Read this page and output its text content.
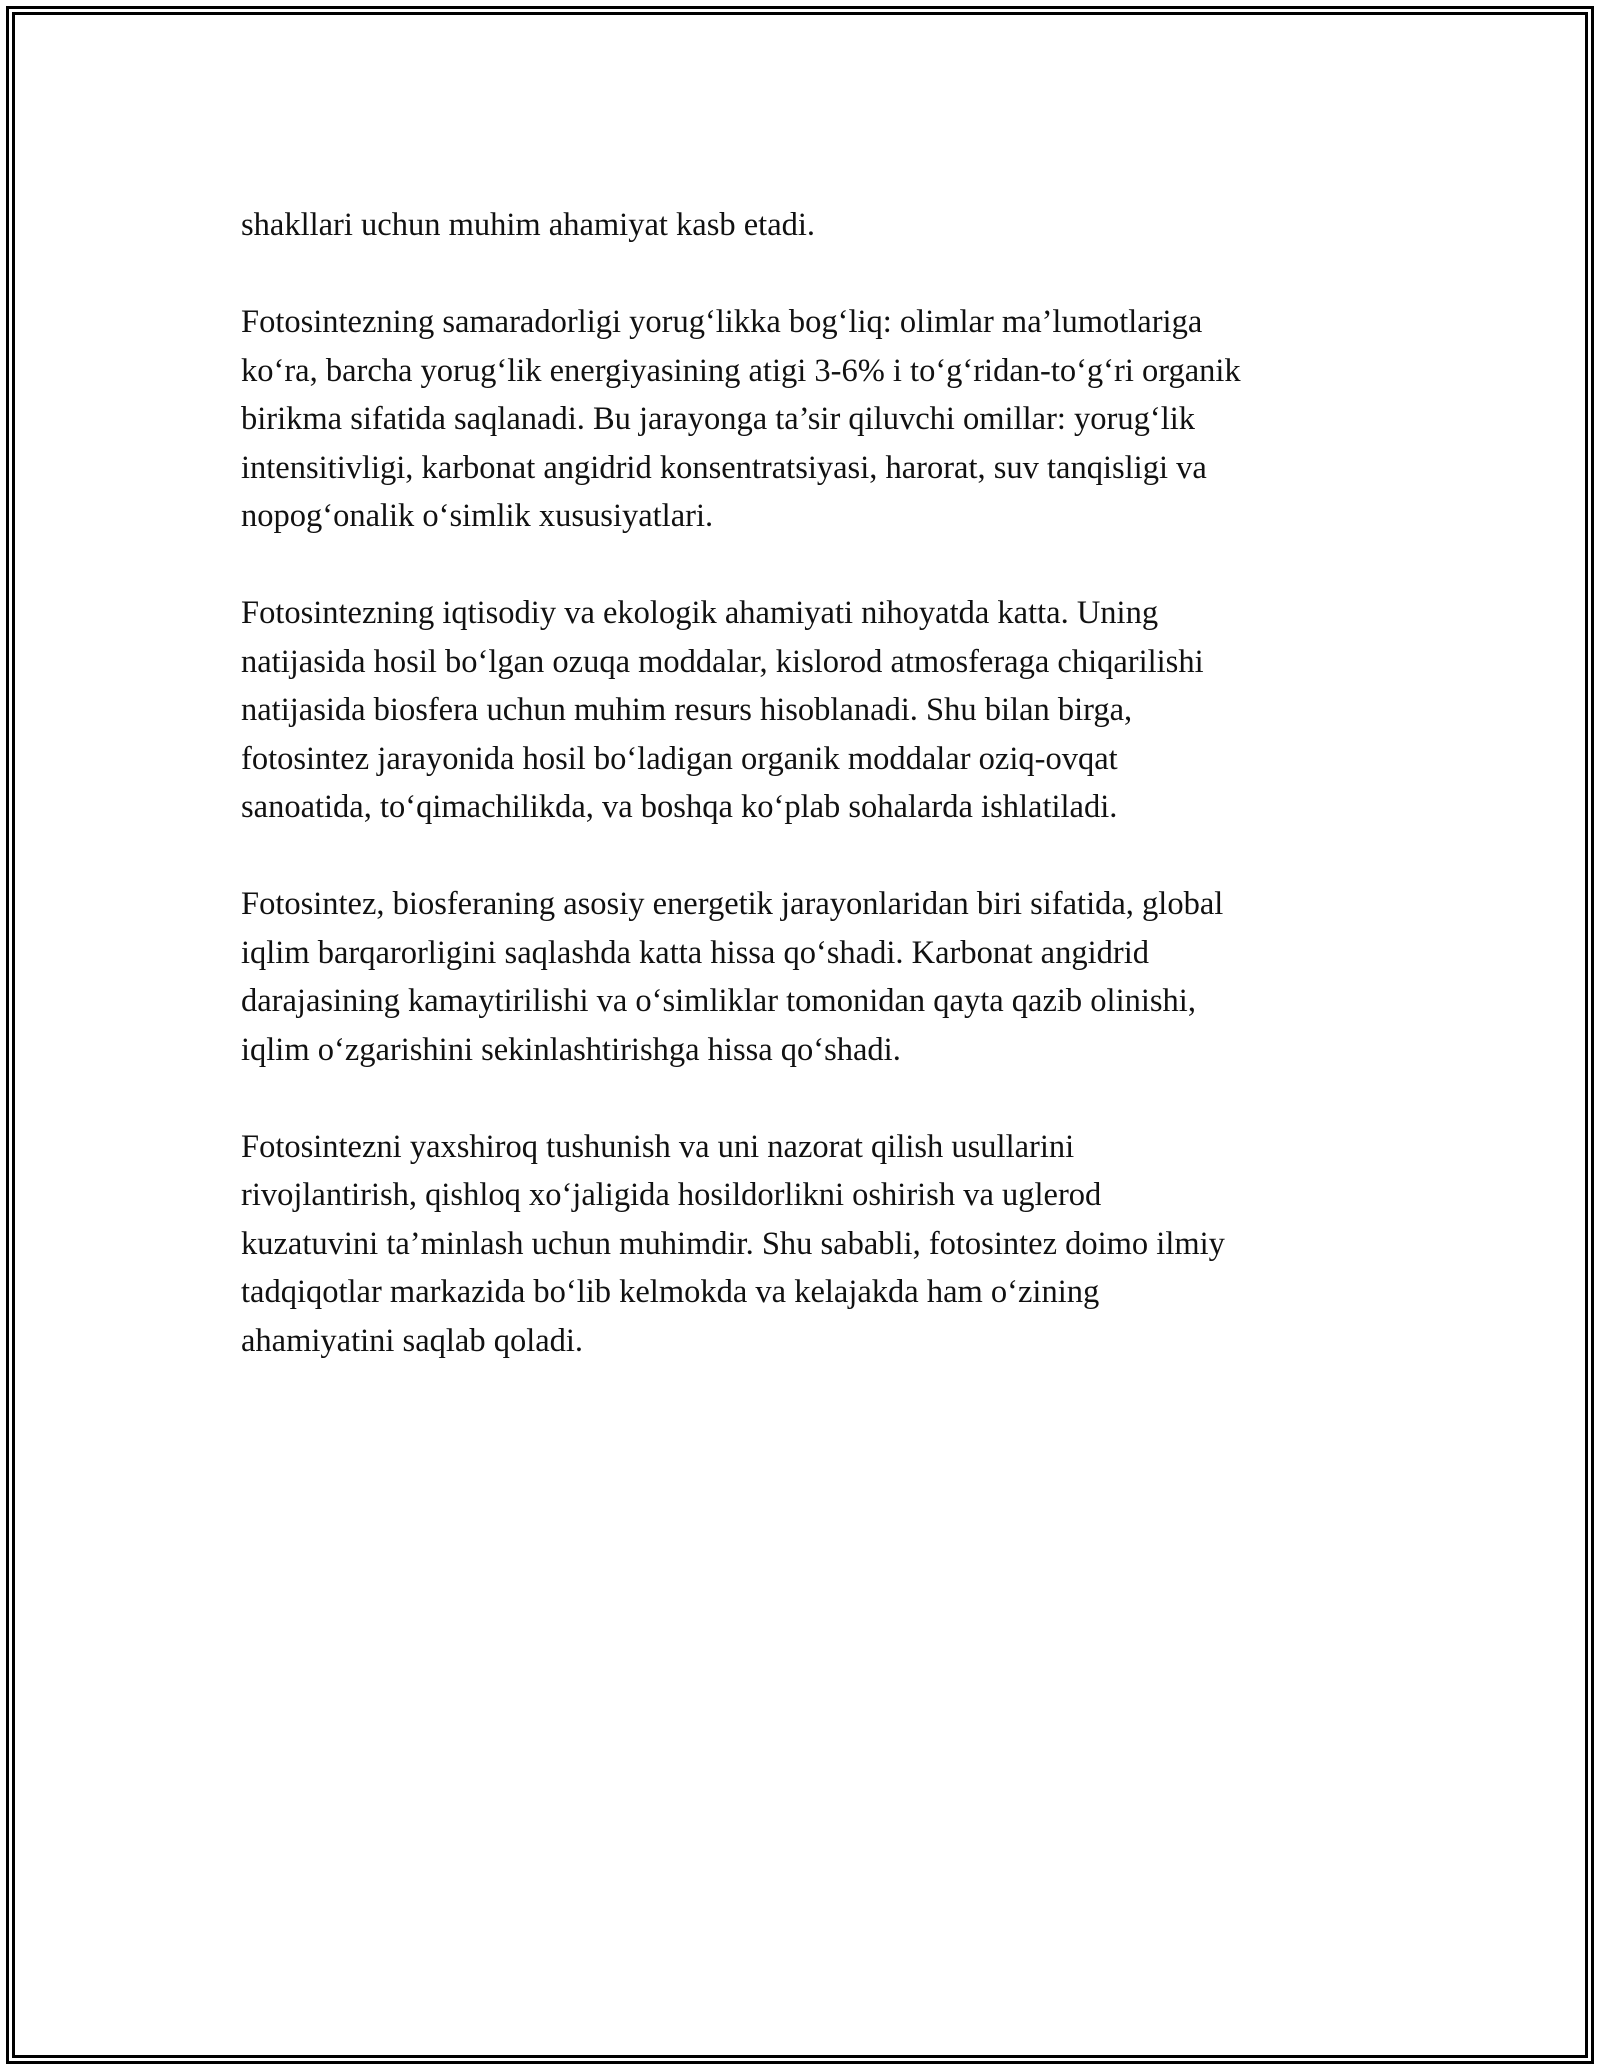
shakllari uchun muhim ahamiyat kasb etadi.

Fotosintezning samaradorligi yorug‘likka bog‘liq: olimlar ma’lumotlariga
ko‘ra, barcha yorug‘lik energiyasining atigi 3-6% i to‘g‘ridan-to‘g‘ri organik
birikma sifatida saqlanadi. Bu jarayonga ta’sir qiluvchi omillar: yorug‘lik
intensitivligi, karbonat angidrid konsentratsiyasi, harorat, suv tanqisligi va
nopog‘onalik o‘simlik xususiyatlari.

Fotosintezning iqtisodiy va ekologik ahamiyati nihoyatda katta. Uning
natijasida hosil bo‘lgan ozuqa moddalar, kislorod atmosferaga chiqarilishi
natijasida biosfera uchun muhim resurs hisoblanadi. Shu bilan birga,
fotosintez jarayonida hosil bo‘ladigan organik moddalar oziq-ovqat
sanoatida, to‘qimachilikda, va boshqa ko‘plab sohalarda ishlatiladi.

Fotosintez, biosferaning asosiy energetik jarayonlaridan biri sifatida, global
iqlim barqarorligini saqlashda katta hissa qo‘shadi. Karbonat angidrid
darajasining kamaytirilishi va o‘simliklar tomonidan qayta qazib olinishi,
iqlim o‘zgarishini sekinlashtirishga hissa qo‘shadi.

Fotosintezni yaxshiroq tushunish va uni nazorat qilish usullarini
rivojlantirish, qishloq xo‘jaligida hosildorlikni oshirish va uglerod
kuzatuvini ta’minlash uchun muhimdir. Shu sababli, fotosintez doimo ilmiy
tadqiqotlar markazida bo‘lib kelmokda va kelajakda ham o‘zining
ahamiyatini saqlab qoladi.
